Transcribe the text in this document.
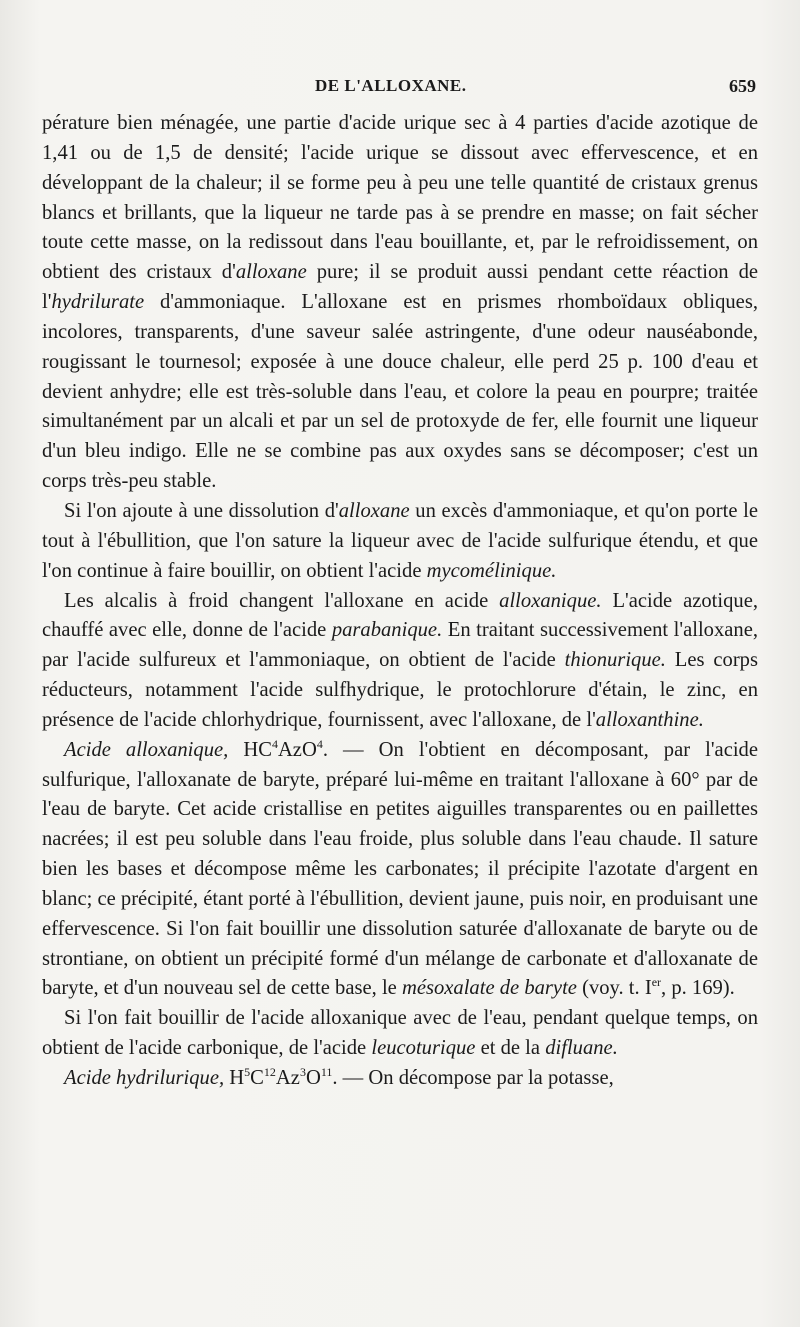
DE L'ALLOXANE.	659

pérature bien ménagée, une partie d'acide urique sec à 4 parties d'acide azotique de 1,41 ou de 1,5 de densité; l'acide urique se dissout avec effervescence, et en développant de la chaleur; il se forme peu à peu une telle quantité de cristaux grenus blancs et brillants, que la liqueur ne tarde pas à se prendre en masse; on fait sécher toute cette masse, on la redissout dans l'eau bouillante, et, par le refroidissement, on obtient des cristaux d'alloxane pure; il se produit aussi pendant cette réaction de l'hydrilurate d'ammoniaque. L'alloxane est en prismes rhomboïdaux obliques, incolores, transparents, d'une saveur salée astringente, d'une odeur nauséabonde, rougissant le tournesol; exposée à une douce chaleur, elle perd 25 p. 100 d'eau et devient anhydre; elle est très-soluble dans l'eau, et colore la peau en pourpre; traitée simultanément par un alcali et par un sel de protoxyde de fer, elle fournit une liqueur d'un bleu indigo. Elle ne se combine pas aux oxydes sans se décomposer; c'est un corps très-peu stable.

Si l'on ajoute à une dissolution d'alloxane un excès d'ammoniaque, et qu'on porte le tout à l'ébullition, que l'on sature la liqueur avec de l'acide sulfurique étendu, et que l'on continue à faire bouillir, on obtient l'acide mycomélinique.

Les alcalis à froid changent l'alloxane en acide alloxanique. L'acide azotique, chauffé avec elle, donne de l'acide parabanique. En traitant successivement l'alloxane, par l'acide sulfureux et l'ammoniaque, on obtient de l'acide thionurique. Les corps réducteurs, notamment l'acide sulfhydrique, le protochlorure d'étain, le zinc, en présence de l'acide chlorhydrique, fournissent, avec l'alloxane, de l'alloxanthine.

Acide alloxanique, $HC^4AzO^4$. — On l'obtient en décomposant, par l'acide sulfurique, l'alloxanate de baryte, préparé lui-même en traitant l'alloxane à 60° par de l'eau de baryte. Cet acide cristallise en petites aiguilles transparentes ou en paillettes nacrées; il est peu soluble dans l'eau froide, plus soluble dans l'eau chaude. Il sature bien les bases et décompose même les carbonates; il précipite l'azotate d'argent en blanc; ce précipité, étant porté à l'ébullition, devient jaune, puis noir, en produisant une effervescence. Si l'on fait bouillir une dissolution saturée d'alloxanate de baryte ou de strontiane, on obtient un précipité formé d'un mélange de carbonate et d'alloxanate de baryte, et d'un nouveau sel de cette base, le mésoxalate de baryte (voy. t. Ier, p. 169).

Si l'on fait bouillir de l'acide alloxanique avec de l'eau, pendant quelque temps, on obtient de l'acide carbonique, de l'acide leucoturique et de la difluane.

Acide hydrilurique, $H^5C^{12}Az^3O^{11}$. — On décompose par la potasse,
